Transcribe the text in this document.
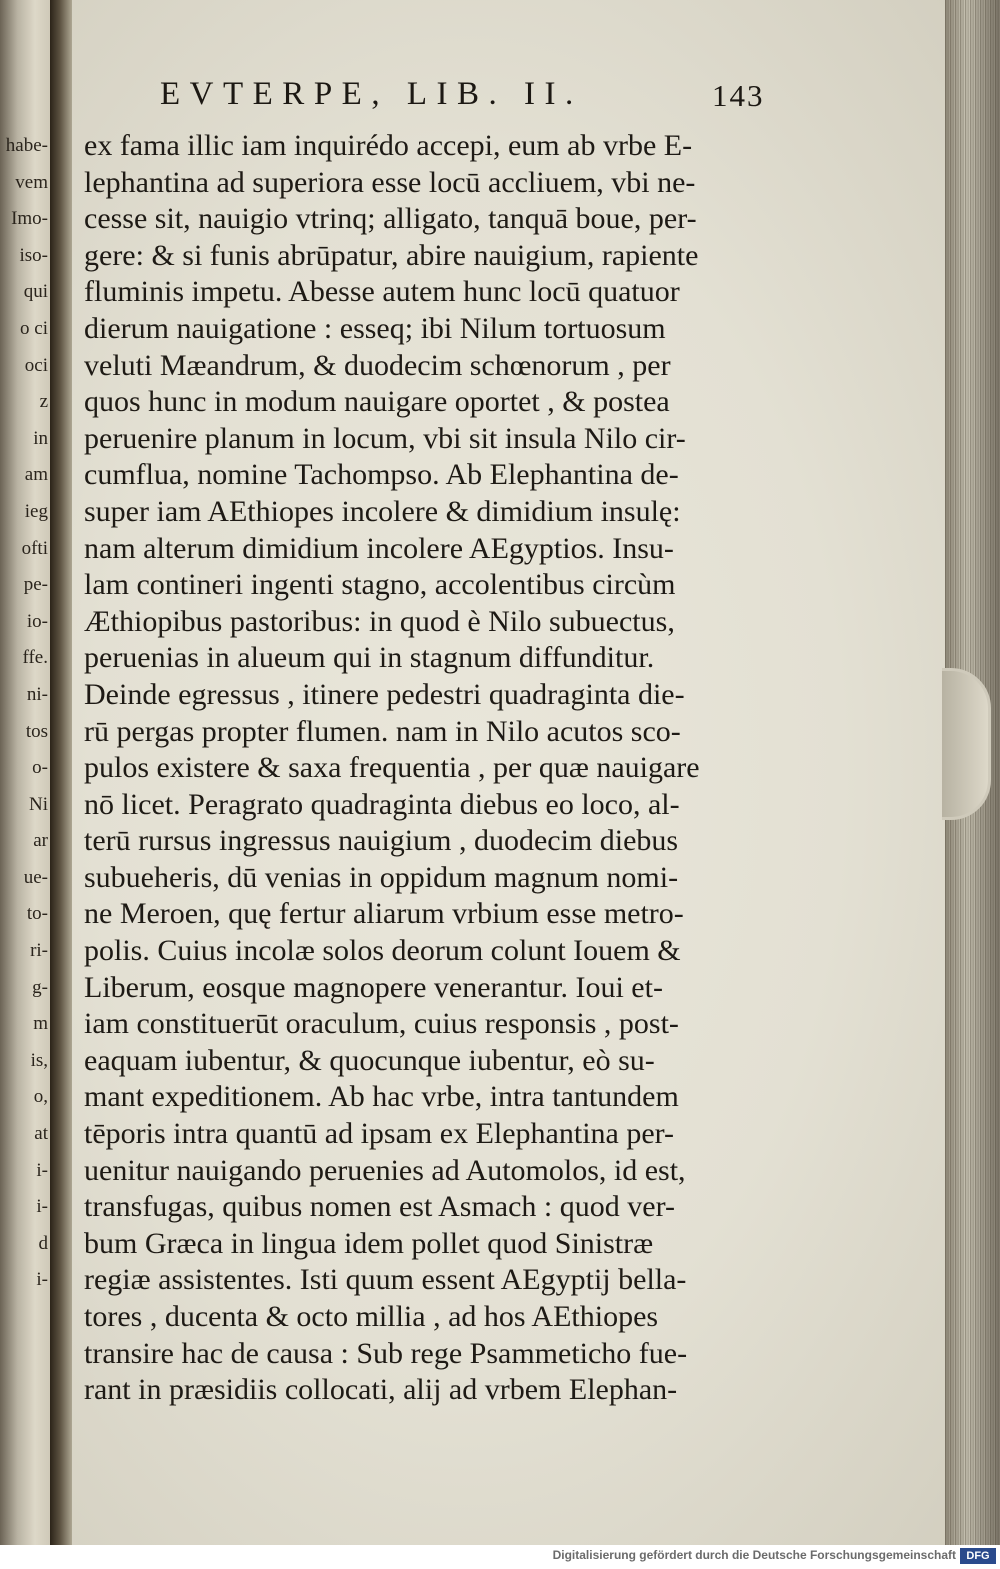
habe-
vem
Imo-
iso-
qui
o ci
oci
z
in
am
ieg
ofti
pe-
io-
ffe.
ni-
tos
o-
Ni
ar
ue-
to-
ri-
g-
m
is,
o,
at
i-
i-
d
i-
EVTERPE, LIB. II.	143
ex fama illic iam inquirédo accepi, eum ab vrbe E-
lephantina ad superiora esse locū accliuem, vbi ne-
cesse sit, nauigio vtrinq; alligato, tanquā boue, per-
gere: & si funis abrūpatur, abire nauigium, rapiente
fluminis impetu. Abesse autem hunc locū quatuor
dierum nauigatione : esseq; ibi Nilum tortuosum
veluti Mæandrum, & duodecim schœnorum , per
quos hunc in modum nauigare oportet , & postea
peruenire planum in locum, vbi sit insula Nilo cir-
cumflua, nomine Tachompso. Ab Elephantina de-
super iam AEthiopes incolere & dimidium insulę:
nam alterum dimidium incolere AEgyptios. Insu-
lam contineri ingenti stagno, accolentibus circùm
Æthiopibus pastoribus: in quod è Nilo subuectus,
peruenias in alueum qui in stagnum diffunditur.
Deinde egressus , itinere pedestri quadraginta die-
rū pergas propter flumen. nam in Nilo acutos sco-
pulos existere & saxa frequentia , per quæ nauigare
nō licet. Peragrato quadraginta diebus eo loco, al-
terū rursus ingressus nauigium , duodecim diebus
subueheris, dū venias in oppidum magnum nomi-
ne Meroen, quę fertur aliarum vrbium esse metro-
polis. Cuius incolæ solos deorum colunt Iouem &
Liberum, eosque magnopere venerantur. Ioui et-
iam constituerūt oraculum, cuius responsis , post-
eaquam iubentur, & quocunque iubentur, eò su-
mant expeditionem. Ab hac vrbe, intra tantundem
tēporis intra quantū ad ipsam ex Elephantina per-
uenitur nauigando peruenies ad Automolos, id est,
transfugas, quibus nomen est Asmach : quod ver-
bum Græca in lingua idem pollet quod Sinistræ
regiæ assistentes. Isti quum essent AEgyptij bella-
tores , ducenta & octo millia , ad hos AEthiopes
transire hac de causa : Sub rege Psammeticho fue-
rant in præsidiis collocati, alij ad vrbem Elephan-
Digitalisierung gefördert durch die Deutsche Forschungsgemeinschaft DFG
